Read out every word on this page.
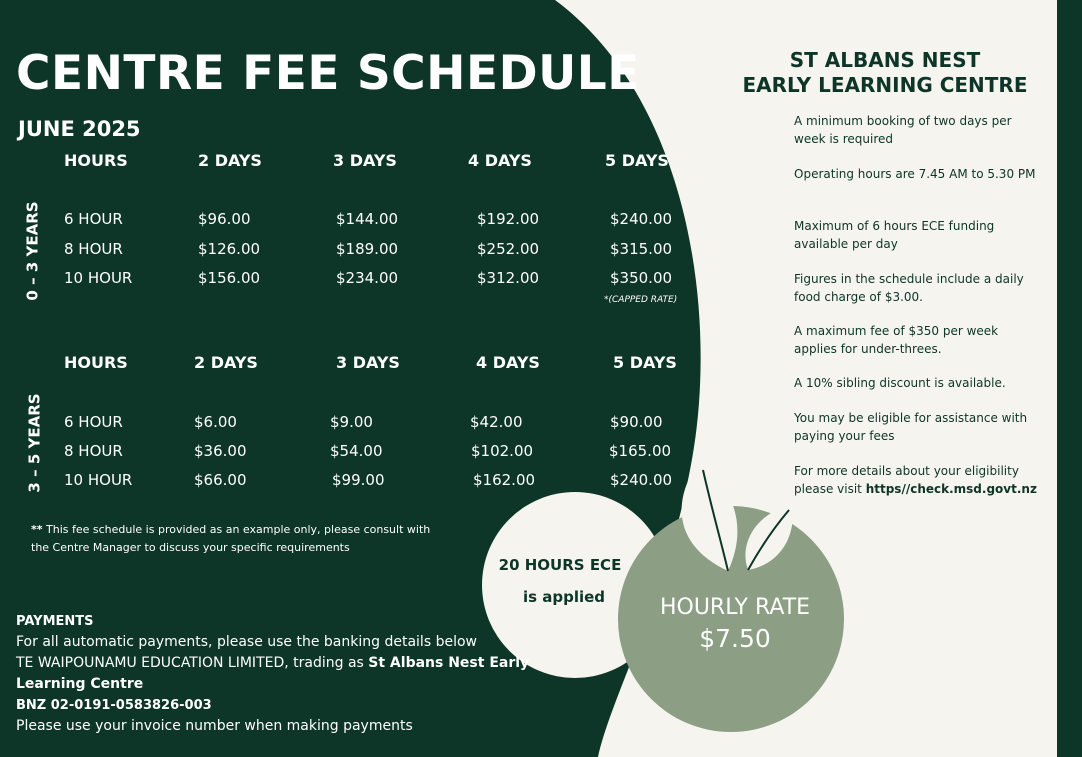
CENTRE FEE SCHEDULE
JUNE 2025
0 – 3 YEARS
HOURS	2 DAYS	3 DAYS	4 DAYS	5 DAYS
6 HOUR	$96.00	$144.00	$192.00	$240.00
8 HOUR	$126.00	$189.00	$252.00	$315.00
10 HOUR	$156.00	$234.00	$312.00	$350.00
*(CAPPED RATE)
3 – 5 YEARS
HOURS	2 DAYS	3 DAYS	4 DAYS	5 DAYS
6 HOUR	$6.00	$9.00	$42.00	$90.00
8 HOUR	$36.00	$54.00	$102.00	$165.00
10 HOUR	$66.00	$99.00	$162.00	$240.00
** This fee schedule is provided as an example only, please consult with the Centre Manager to discuss your specific requirements
PAYMENTS
For all automatic payments, please use the banking details below
TE WAIPOUNAMU EDUCATION LIMITED, trading as St Albans Nest Early Learning Centre
BNZ 02-0191-0583826-003
Please use your invoice number when making payments
20 HOURS ECE
is applied	HOURLY RATE
$7.50
ST ALBANS NEST
EARLY LEARNING CENTRE
A minimum booking of two days per week is required
Operating hours are 7.45 AM to 5.30 PM
Maximum of 6 hours ECE funding available per day
Figures in the schedule include a daily food charge of $3.00.
A maximum fee of $350 per week applies for under-threes.
A 10% sibling discount is available.
You may be eligible for assistance with paying your fees
For more details about your eligibility please visit https//check.msd.govt.nz
